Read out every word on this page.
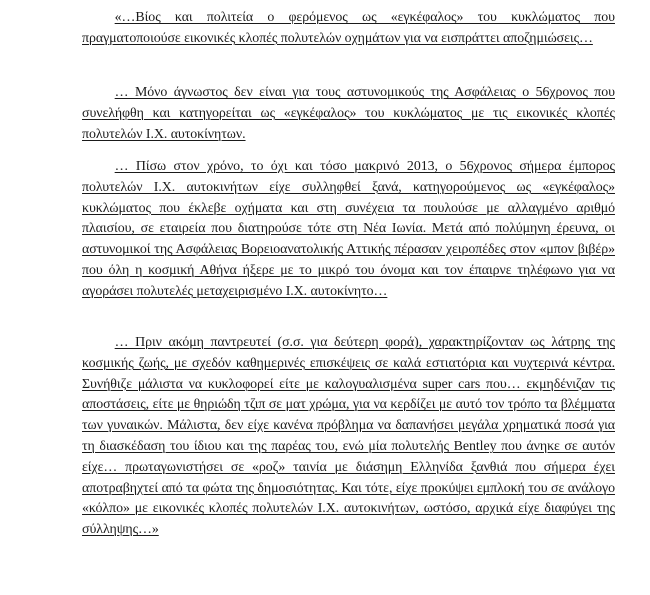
«…Βίος και πολιτεία ο φερόμενος ως «εγκέφαλος» του κυκλώματος που πραγματοποιούσε εικονικές κλοπές πολυτελών οχημάτων για να εισπράττει αποζημιώσεις…

… Μόνο άγνωστος δεν είναι για τους αστυνομικούς της Ασφάλειας ο 56χρονος που συνελήφθη και κατηγορείται ως «εγκέφαλος» του κυκλώματος με τις εικονικές κλοπές πολυτελών Ι.Χ. αυτοκίνητων.

… Πίσω στον χρόνο, το όχι και τόσο μακρινό 2013, ο 56χρονος σήμερα έμπορος πολυτελών Ι.Χ. αυτοκινήτων είχε συλληφθεί ξανά, κατηγορούμενος ως «εγκέφαλος» κυκλώματος που έκλεβε οχήματα και στη συνέχεια τα πουλούσε με αλλαγμένο αριθμό πλαισίου, σε εταιρεία που διατηρούσε τότε στη Νέα Ιωνία. Μετά από πολύμηνη έρευνα, οι αστυνομικοί της Ασφάλειας Βορειοανατολικής Αττικής πέρασαν χειροπέδες στον «μπον βιβέρ» που όλη η κοσμική Αθήνα ήξερε με το μικρό του όνομα και τον έπαιρνε τηλέφωνο για να αγοράσει πολυτελές μεταχειρισμένο Ι.Χ. αυτοκίνητο…

… Πριν ακόμη παντρευτεί (σ.σ. για δεύτερη φορά), χαρακτηρίζονταν ως λάτρης της κοσμικής ζωής, με σχεδόν καθημερινές επισκέψεις σε καλά εστιατόρια και νυχτερινά κέντρα. Συνήθιζε μάλιστα να κυκλοφορεί είτε με καλογυαλισμένα super cars που… εκμηδένιζαν τις αποστάσεις, είτε με θηριώδη τζιπ σε ματ χρώμα, για να κερδίζει με αυτό τον τρόπο τα βλέμματα των γυναικών. Μάλιστα, δεν είχε κανένα πρόβλημα να δαπανήσει μεγάλα χρηματικά ποσά για τη διασκέδαση του ίδιου και της παρέας του, ενώ μία πολυτελής Bentley που άνηκε σε αυτόν είχε… πρωταγωνιστήσει σε «ροζ» ταινία με διάσημη Ελληνίδα ξανθιά που σήμερα έχει αποτραβηχτεί από τα φώτα της δημοσιότητας. Και τότε, είχε προκύψει εμπλοκή του σε ανάλογο «κόλπο» με εικονικές κλοπές πολυτελών Ι.Χ. αυτοκινήτων, ωστόσο, αρχικά είχε διαφύγει της σύλληψης…»
